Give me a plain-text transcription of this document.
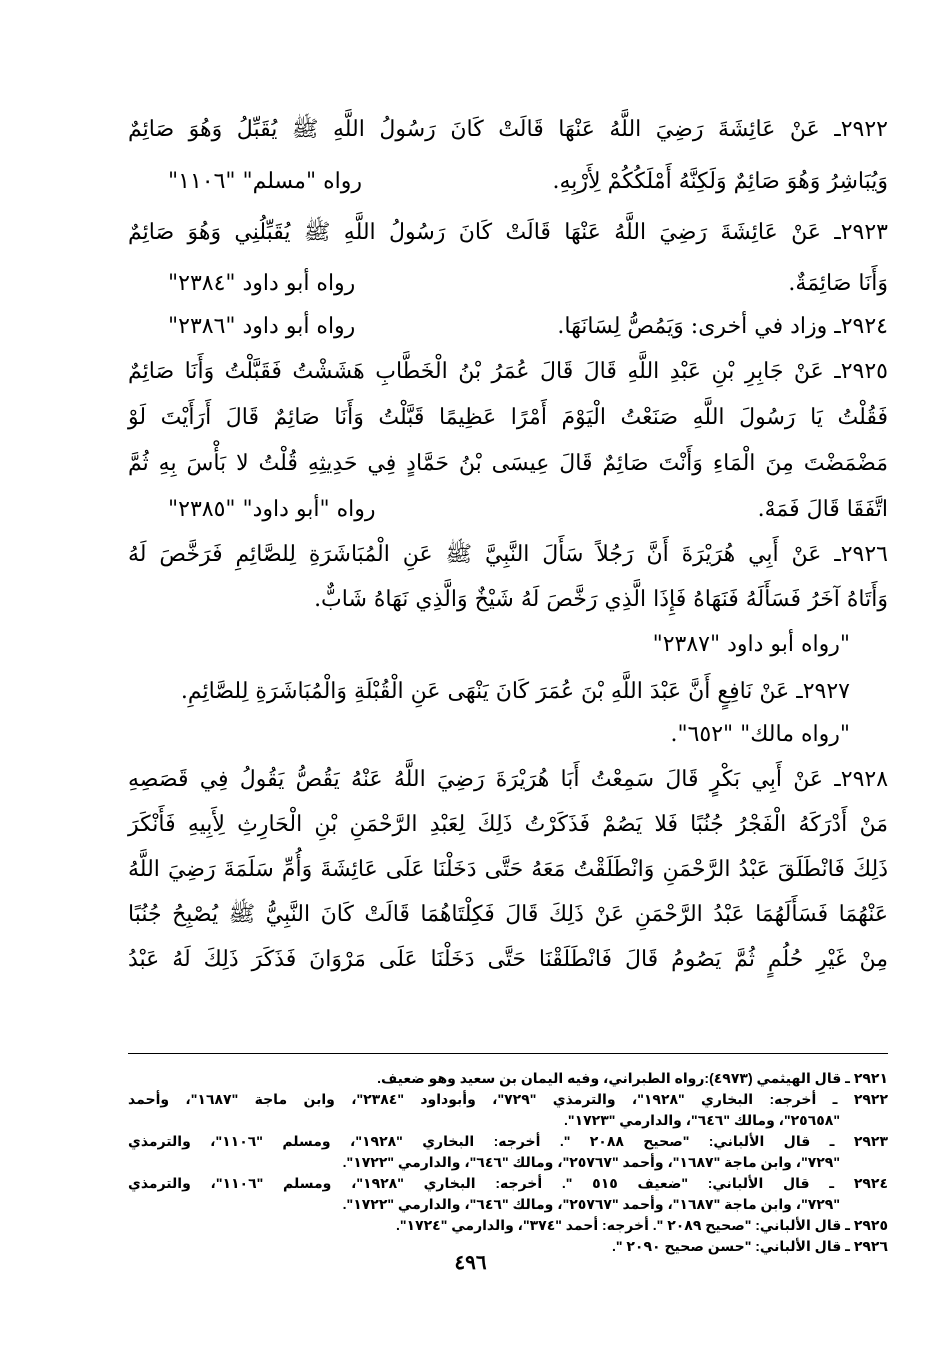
٢٩٢٢ـ عَنْ عَائِشَةَ رَضِيَ اللَّهُ عَنْهَا قَالَتْ كَانَ رَسُولُ اللَّهِ ﷺ يُقَبِّلُ وَهُوَ صَائِمٌ
وَيُبَاشِرُ وَهُوَ صَائِمٌ وَلَكِنَّهُ أَمْلَكُكُمْ لِأَرْبِهِ.
رواه "مسلم" "١١٠٦"
٢٩٢٣ـ عَنْ عَائِشَةَ رَضِيَ اللَّهُ عَنْهَا قَالَتْ كَانَ رَسُولُ اللَّهِ ﷺ يُقَبِّلُنِي وَهُوَ صَائِمٌ
وَأَنَا صَائِمَةٌ.
رواه أبو داود "٢٣٨٤"
٢٩٢٤ـ وزاد في أخرى: وَيَمُصُّ لِسَانَهَا.
رواه أبو داود "٢٣٨٦"
٢٩٢٥ـ عَنْ جَابِرِ بْنِ عَبْدِ اللَّهِ قَالَ قَالَ عُمَرُ بْنُ الْخَطَّابِ هَشَشْتُ فَقَبَّلْتُ وَأَنَا صَائِمٌ
فَقُلْتُ يَا رَسُولَ اللَّهِ صَنَعْتُ الْيَوْمَ أَمْرًا عَظِيمًا قَبَّلْتُ وَأَنَا صَائِمٌ قَالَ أَرَأَيْتَ لَوْ
مَضْمَضْتَ مِنَ الْمَاءِ وَأَنْتَ صَائِمٌ قَالَ عِيسَى بْنُ حَمَّادٍ فِي حَدِيثِهِ قُلْتُ لا بَأْسَ بِهِ ثُمَّ
اتَّفَقَا قَالَ فَمَهْ.
رواه "أبو داود" "٢٣٨٥"
٢٩٢٦ـ عَنْ أَبِي هُرَيْرَةَ أَنَّ رَجُلاً سَأَلَ النَّبِيَّ ﷺ عَنِ الْمُبَاشَرَةِ لِلصَّائِمِ فَرَخَّصَ لَهُ
وَأَتَاهُ آخَرُ فَسَأَلَهُ فَنَهَاهُ فَإِذَا الَّذِي رَخَّصَ لَهُ شَيْخٌ وَالَّذِي نَهَاهُ شَابٌّ.
"رواه أبو داود "٢٣٨٧"
٢٩٢٧ـ عَنْ نَافِعٍ أَنَّ عَبْدَ اللَّهِ بْنَ عُمَرَ كَانَ يَنْهَى عَنِ الْقُبْلَةِ وَالْمُبَاشَرَةِ لِلصَّائِمِ.
"رواه مالك" "٦٥٢".
٢٩٢٨ـ عَنْ أَبِي بَكْرٍ قَالَ سَمِعْتُ أَبَا هُرَيْرَةَ رَضِيَ اللَّهُ عَنْهُ يَقُصُّ يَقُولُ فِي قَصَصِهِ
مَنْ أَدْرَكَهُ الْفَجْرُ جُنُبًا فَلا يَصُمْ فَذَكَرْتُ ذَلِكَ لِعَبْدِ الرَّحْمَنِ بْنِ الْحَارِثِ لِأَبِيهِ فَأَنْكَرَ
ذَلِكَ فَانْطَلَقَ عَبْدُ الرَّحْمَنِ وَانْطَلَقْتُ مَعَهُ حَتَّى دَخَلْنَا عَلَى عَائِشَةَ وَأُمِّ سَلَمَةَ رَضِيَ اللَّهُ
عَنْهُمَا فَسَأَلَهُمَا عَبْدُ الرَّحْمَنِ عَنْ ذَلِكَ قَالَ فَكِلْتَاهُمَا قَالَتْ كَانَ النَّبِيُّ ﷺ يُصْبِحُ جُنُبًا
مِنْ غَيْرِ حُلُمٍ ثُمَّ يَصُومُ قَالَ فَانْطَلَقْنَا حَتَّى دَخَلْنَا عَلَى مَرْوَانَ فَذَكَرَ ذَلِكَ لَهُ عَبْدُ
٢٩٢١ ـ قال الهيثمي (٤٩٧٣):رواه الطبراني، وفيه اليمان بن سعيد وهو ضعيف.
٢٩٢٢ ـ أخرجه: البخاري "١٩٢٨"، والترمذي "٧٢٩"، وأبوداود "٢٣٨٤"، وابن ماجة "١٦٨٧"، وأحمد
"٢٥٦٥٨"، ومالك "٦٤٦"، والدارمي "١٧٢٣".
٢٩٢٣ ـ قال الألباني: "صحيح ٢٠٨٨ ". أخرجه: البخاري "١٩٢٨"، ومسلم "١١٠٦"، والترمذي
"٧٢٩"، وابن ماجة "١٦٨٧"، وأحمد "٢٥٧٦٧"، ومالك "٦٤٦"، والدارمي "١٧٢٢".
٢٩٢٤ ـ قال الألباني: "ضعيف ٥١٥ ". أخرجه: البخاري "١٩٢٨"، ومسلم "١١٠٦"، والترمذي
"٧٢٩"، وابن ماجة "١٦٨٧"، وأحمد "٢٥٧٦٧"، ومالك "٦٤٦"، والدارمي "١٧٢٢".
٢٩٢٥ ـ قال الألباني: "صحيح ٢٠٨٩ ". أخرجه: أحمد "٣٧٤"، والدارمي "١٧٢٤".
٢٩٢٦ ـ قال الألباني: "حسن صحيح ٢٠٩٠ ".
٤٩٦
